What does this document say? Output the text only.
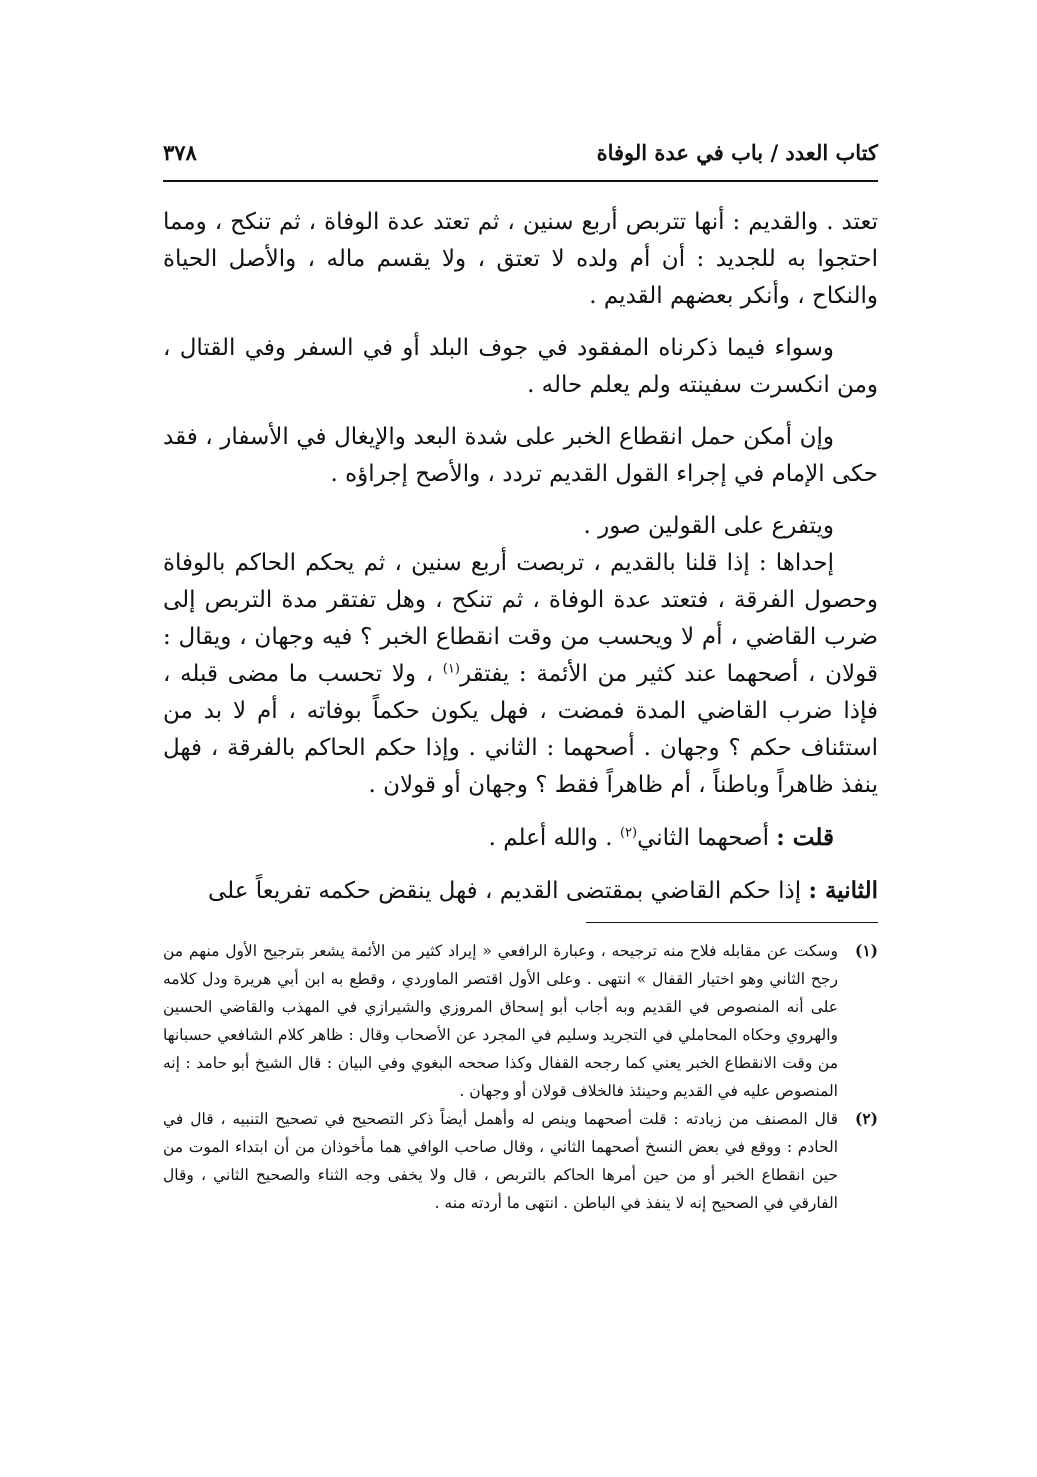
كتاب العدد / باب في عدة الوفاة
٣٧٨

تعتد . والقديم : أنها تتربص أربع سنين ، ثم تعتد عدة الوفاة ، ثم تنكح ، ومما احتجوا به للجديد : أن أم ولده لا تعتق ، ولا يقسم ماله ، والأصل الحياة والنكاح ، وأنكر بعضهم القديم .

وسواء فيما ذكرناه المفقود في جوف البلد أو في السفر وفي القتال ، ومن انكسرت سفينته ولم يعلم حاله .

وإن أمكن حمل انقطاع الخبر على شدة البعد والإيغال في الأسفار ، فقد حكى الإمام في إجراء القول القديم تردد ، والأصح إجراؤه .

ويتفرع على القولين صور .

إحداها : إذا قلنا بالقديم ، تربصت أربع سنين ، ثم يحكم الحاكم بالوفاة وحصول الفرقة ، فتعتد عدة الوفاة ، ثم تنكح ، وهل تفتقر مدة التربص إلى ضرب القاضي ، أم لا ويحسب من وقت انقطاع الخبر ؟ فيه وجهان ، ويقال : قولان ، أصحهما عند كثير من الأئمة : يفتقر$^{(١)}$ ، ولا تحسب ما مضى قبله ، فإذا ضرب القاضي المدة فمضت ، فهل يكون حكماً بوفاته ، أم لا بد من استئناف حكم ؟ وجهان . أصحهما : الثاني . وإذا حكم الحاكم بالفرقة ، فهل ينفذ ظاهراً وباطناً ، أم ظاهراً فقط ؟ وجهان أو قولان .

قلت : أصحهما الثاني$^{(٢)}$ . والله أعلم .

الثانية : إذا حكم القاضي بمقتضى القديم ، فهل ينقض حكمه تفريعاً على

(١)
وسكت عن مقابله فلاح منه ترجيحه ، وعبارة الرافعي « إيراد كثير من الأئمة يشعر بترجيح الأول منهم من رجح الثاني وهو اختيار القفال » انتهى . وعلى الأول اقتصر الماوردي ، وقطع به ابن أبي هريرة ودل كلامه على أنه المنصوص في القديم وبه أجاب أبو إسحاق المروزي والشيرازي في المهذب والقاضي الحسين والهروي وحكاه المحاملي في التجريد وسليم في المجرد عن الأصحاب وقال : ظاهر كلام الشافعي حسبانها من وقت الانقطاع الخبر يعني كما رجحه القفال وكذا صححه البغوي وفي البيان : قال الشيخ أبو حامد : إنه المنصوص عليه في القديم وحينئذ فالخلاف قولان أو وجهان .
(٢)
قال المصنف من زيادته : قلت أصحهما وينص له وأهمل أيضاً ذكر التصحيح في تصحيح التنبيه ، قال في الحادم : ووقع في بعض النسخ أصحهما الثاني ، وقال صاحب الوافي هما مأخوذان من أن ابتداء الموت من حين انقطاع الخبر أو من حين أمرها الحاكم بالتربص ، قال ولا يخفى وجه الثناء والصحيح الثاني ، وقال الفارقي في الصحيح إنه لا ينفذ في الباطن . انتهى ما أردته منه .
